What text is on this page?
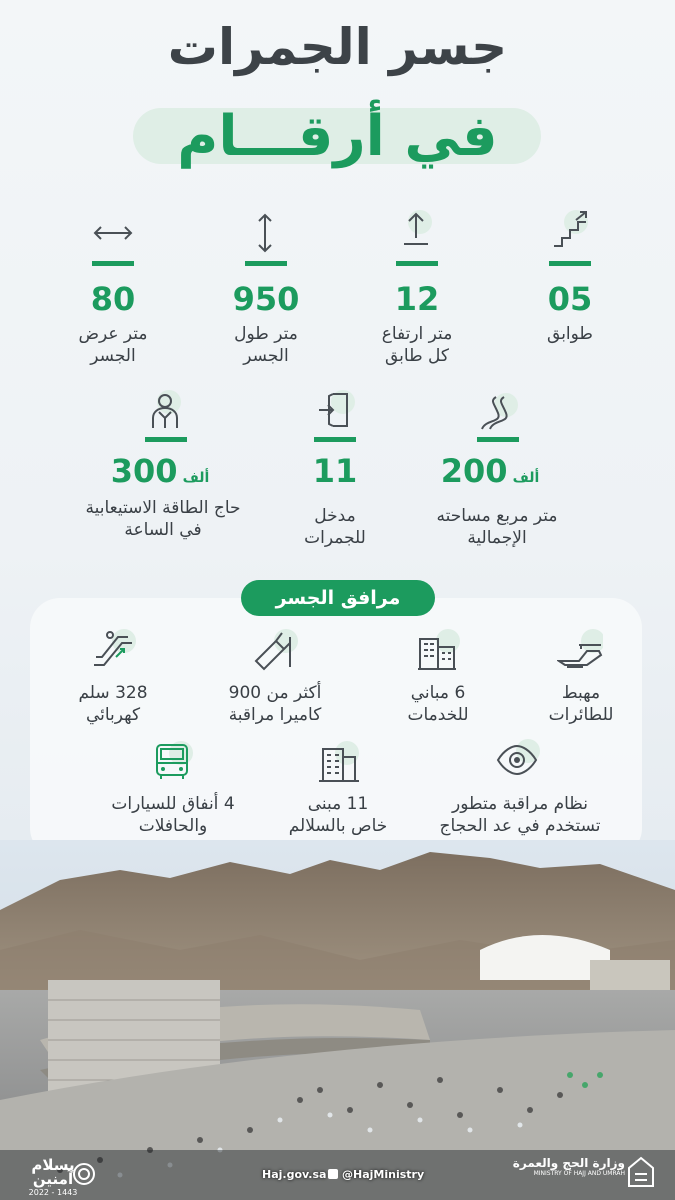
جسر الجمرات
في أرقـــام
80
متر عرض
الجسر
950
متر طول
الجسر
12
متر ارتفاع
كل طابق
05
طوابق
ألف 300
حاج الطاقة الاستيعابية
في الساعة
11
مدخل
للجمرات
ألف 200
متر مربع مساحته
الإجمالية
مرافق الجسر
328 سلم
كهربائي
أكثر من 900
كاميرا مراقبة
6 مباني
للخدمات
مهبط
للطائرات
4 أنفاق للسيارات
والحافلات
11 مبنى
خاص بالسلالم
نظام مراقبة متطور
تستخدم في عد الحجاج
بسلام
آمنين
1443 - 2022
Haj.gov.sa @HajMinistry
وزارة الحج والعمرة
MINISTRY OF HAJJ AND UMRAH
